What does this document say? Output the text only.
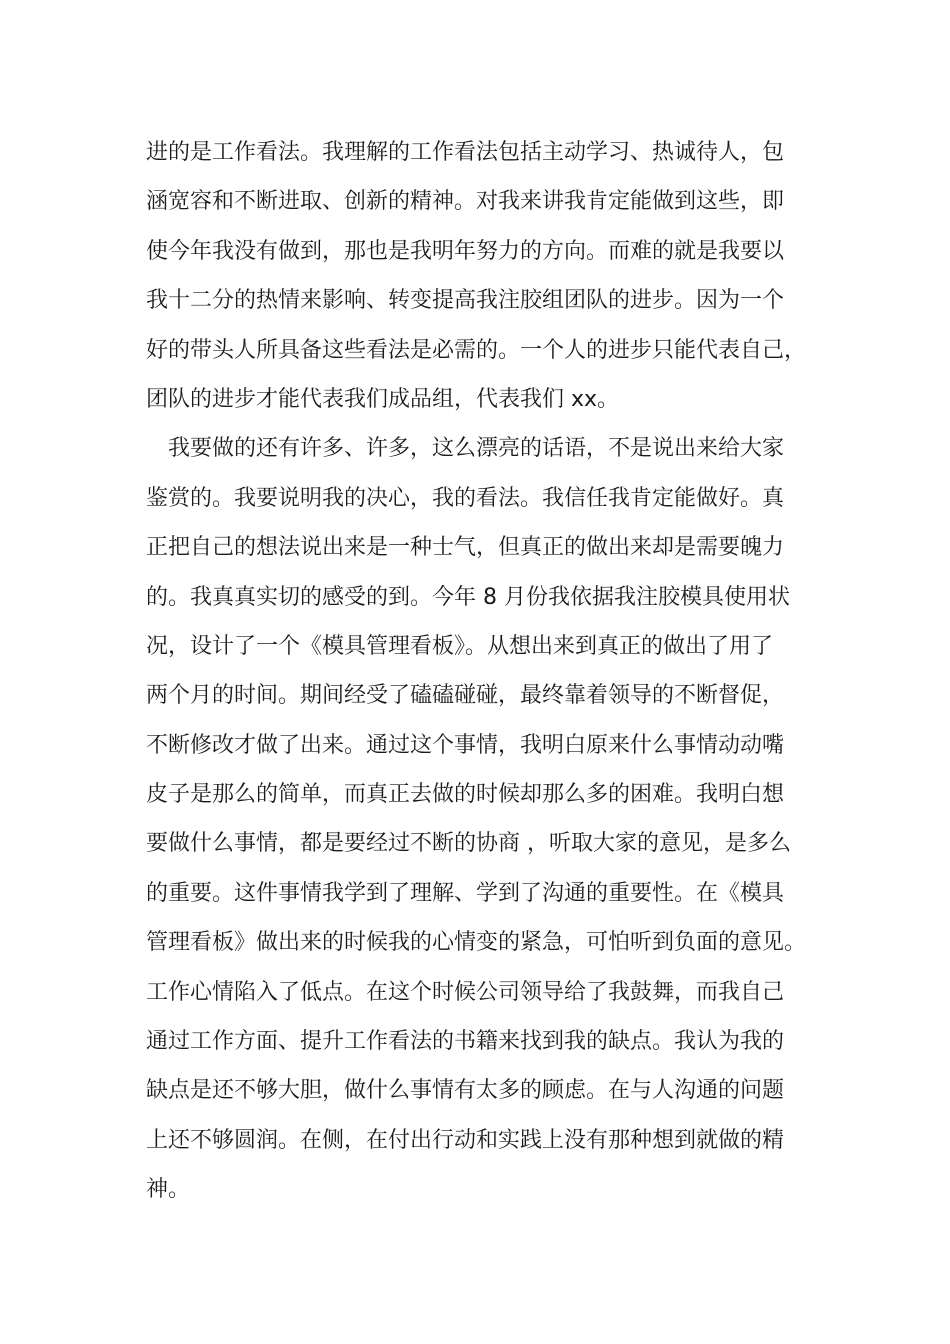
进的是工作看法。我理解的工作看法包括主动学习、热诚待人，包
涵宽容和不断进取、创新的精神。对我来讲我肯定能做到这些，即
使今年我没有做到，那也是我明年努力的方向。而难的就是我要以
我十二分的热情来影响、转变提高我注胶组团队的进步。因为一个
好的带头人所具备这些看法是必需的。一个人的进步只能代表自己，
团队的进步才能代表我们成品组，代表我们 xx。
我要做的还有许多、许多，这么漂亮的话语，不是说出来给大家
鉴赏的。我要说明我的决心，我的看法。我信任我肯定能做好。真
正把自己的想法说出来是一种士气，但真正的做出来却是需要魄力
的。我真真实切的感受的到。今年 8 月份我依据我注胶模具使用状
况，设计了一个《模具管理看板》。从想出来到真正的做出了用了
两个月的时间。期间经受了磕磕碰碰，最终靠着领导的不断督促，
不断修改才做了出来。通过这个事情，我明白原来什么事情动动嘴
皮子是那么的简单，而真正去做的时候却那么多的困难。我明白想
要做什么事情，都是要经过不断的协商 ，听取大家的意见，是多么
的重要。这件事情我学到了理解、学到了沟通的重要性。在《模具
管理看板》做出来的时候我的心情变的紧急，可怕听到负面的意见。
工作心情陷入了低点。在这个时候公司领导给了我鼓舞，而我自己
通过工作方面、提升工作看法的书籍来找到我的缺点。我认为我的
缺点是还不够大胆，做什么事情有太多的顾虑。在与人沟通的问题
上还不够圆润。在侧，在付出行动和实践上没有那种想到就做的精
神。
